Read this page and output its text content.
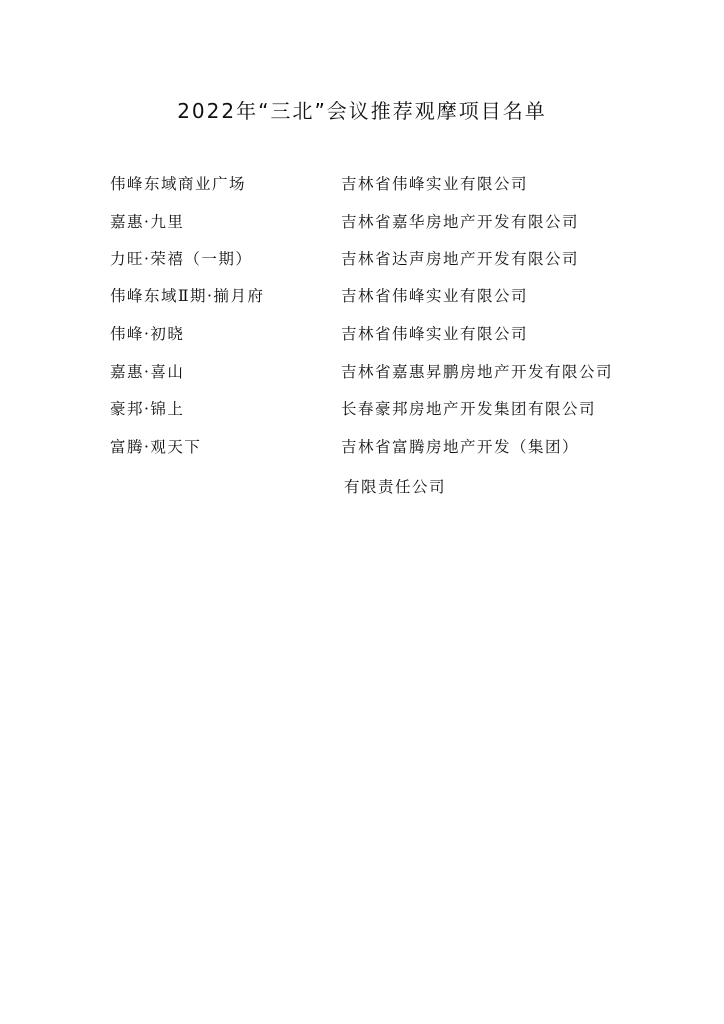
2022年“三北”会议推荐观摩项目名单
伟峰东域商业广场	吉林省伟峰实业有限公司
嘉惠·九里	吉林省嘉华房地产开发有限公司
力旺·荣禧（一期）	吉林省达声房地产开发有限公司
伟峰东域Ⅱ期·揃月府	吉林省伟峰实业有限公司
伟峰·初晓	吉林省伟峰实业有限公司
嘉惠·喜山	吉林省嘉惠昇鹏房地产开发有限公司
豪邦·锦上	长春豪邦房地产开发集团有限公司
富腾·观天下	吉林省富腾房地产开发（集团）
有限责任公司
